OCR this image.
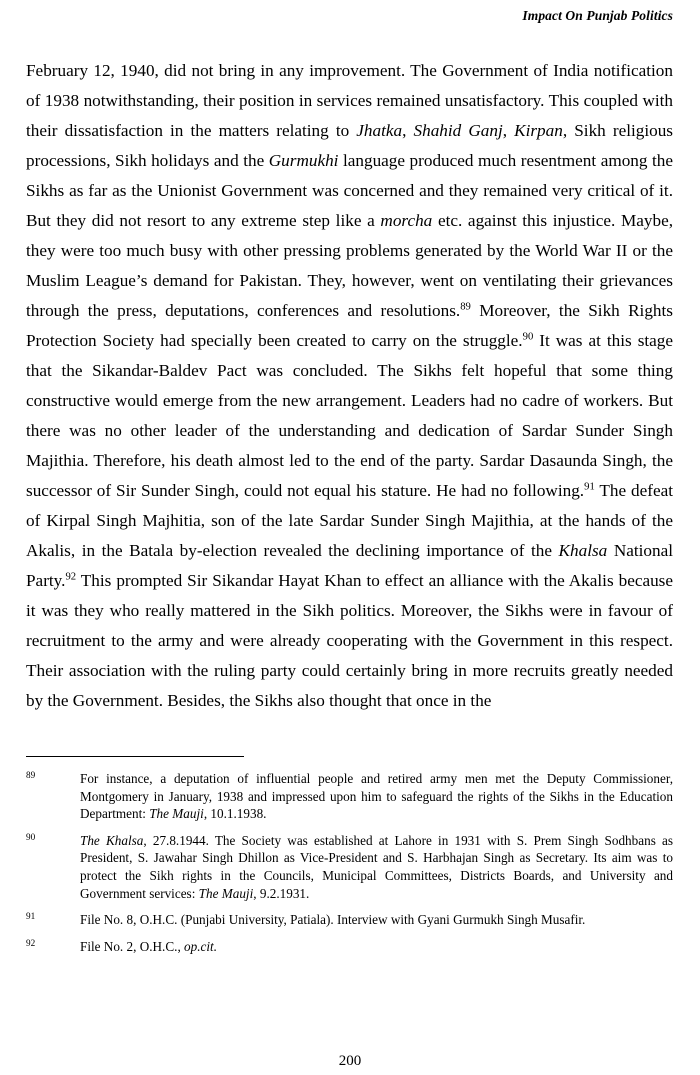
Impact On Punjab Politics

February 12, 1940, did not bring in any improvement. The Government of India notification of 1938 notwithstanding, their position in services remained unsatisfactory. This coupled with their dissatisfaction in the matters relating to Jhatka, Shahid Ganj, Kirpan, Sikh religious processions, Sikh holidays and the Gurmukhi language produced much resentment among the Sikhs as far as the Unionist Government was concerned and they remained very critical of it. But they did not resort to any extreme step like a morcha etc. against this injustice. Maybe, they were too much busy with other pressing problems generated by the World War II or the Muslim League’s demand for Pakistan. They, however, went on ventilating their grievances through the press, deputations, conferences and resolutions.$^{89}$ Moreover, the Sikh Rights Protection Society had specially been created to carry on the struggle.$^{90}$ It was at this stage that the Sikandar-Baldev Pact was concluded. The Sikhs felt hopeful that some thing constructive would emerge from the new arrangement. Leaders had no cadre of workers. But there was no other leader of the understanding and dedication of Sardar Sunder Singh Majithia. Therefore, his death almost led to the end of the party. Sardar Dasaunda Singh, the successor of Sir Sunder Singh, could not equal his stature. He had no following.$^{91}$ The defeat of Kirpal Singh Majhitia, son of the late Sardar Sunder Singh Majithia, at the hands of the Akalis, in the Batala by-election revealed the declining importance of the Khalsa National Party.$^{92}$ This prompted Sir Sikandar Hayat Khan to effect an alliance with the Akalis because it was they who really mattered in the Sikh politics. Moreover, the Sikhs were in favour of recruitment to the army and were already cooperating with the Government in this respect. Their association with the ruling party could certainly bring in more recruits greatly needed by the Government. Besides, the Sikhs also thought that once in the

89	For instance, a deputation of influential people and retired army men met the Deputy Commissioner, Montgomery in January, 1938 and impressed upon him to safeguard the rights of the Sikhs in the Education Department: The Mauji, 10.1.1938.
90	The Khalsa, 27.8.1944. The Society was established at Lahore in 1931 with S. Prem Singh Sodhbans as President, S. Jawahar Singh Dhillon as Vice-President and S. Harbhajan Singh as Secretary. Its aim was to protect the Sikh rights in the Councils, Municipal Committees, Districts Boards, and University and Government services: The Mauji, 9.2.1931.
91	File No. 8, O.H.C. (Punjabi University, Patiala). Interview with Gyani Gurmukh Singh Musafir.
92	File No. 2, O.H.C., op.cit.
200
